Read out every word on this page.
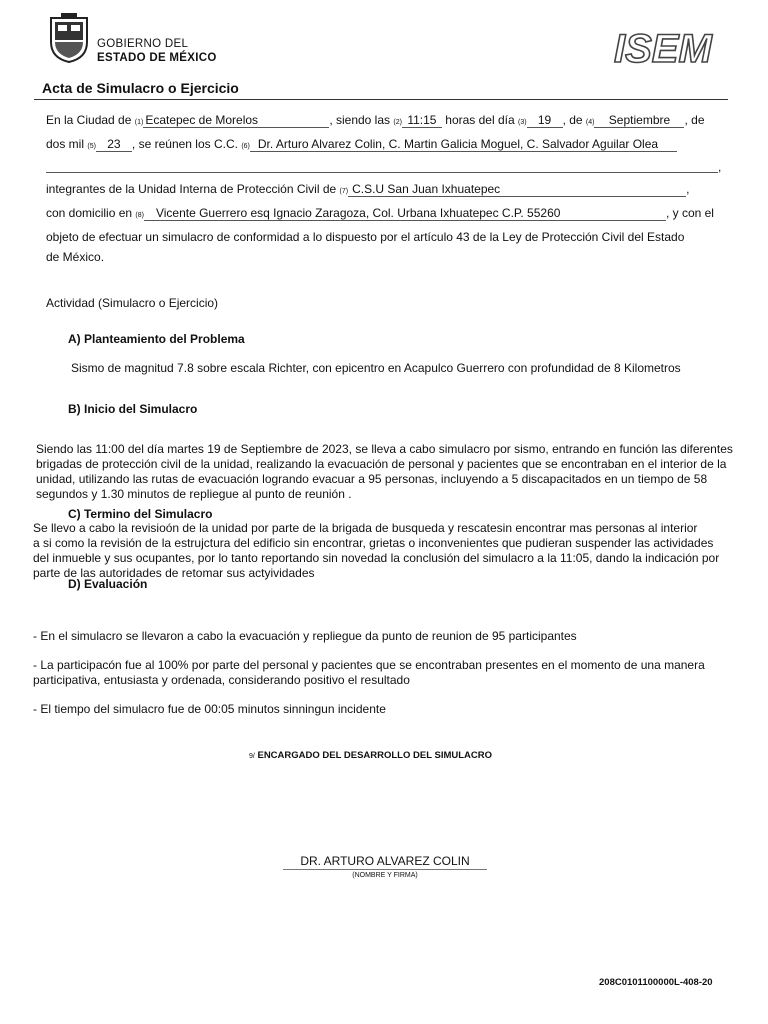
GOBIERNO DEL
ESTADO DE MÉXICO	ISEM
Acta de Simulacro o Ejercicio
En la Ciudad de (1) Ecatepec de Morelos	, siendo las (2) 11:15 horas del día (3) 19 , de (4) Septiembre , de
dos mil (5) 23 , se reúnen los C.C. (6) Dr. Arturo Alvarez Colin, C. Martin Galicia Moguel, C. Salvador Aguilar Olea
,
integrantes de la Unidad Interna de Protección Civil de (7) C.S.U San Juan Ixhuatepec	,
con domicilio en (8) Vicente Guerrero esq Ignacio Zaragoza, Col. Urbana Ixhuatepec C.P. 55260	, y con el
objeto de efectuar un simulacro de conformidad a lo dispuesto por el artículo 43 de la Ley de Protección Civil del Estado
de México.
Actividad (Simulacro o Ejercicio)
A) Planteamiento del Problema
Sismo de magnitud 7.8 sobre escala Richter, con epicentro en Acapulco Guerrero con profundidad de 8 Kilometros
B) Inicio del Simulacro
Siendo las 11:00 del día martes 19 de Septiembre de 2023, se lleva a cabo simulacro por sismo, entrando en función las diferentes
brigadas de protección civil de la unidad, realizando la evacuación de personal y pacientes que se encontraban en el interior de la
unidad, utilizando las rutas de evacuación logrando evacuar a 95 personas, incluyendo a 5 discapacitados en un tiempo de 58
segundos y 1.30 minutos de repliegue al punto de reunión .
C) Termino del Simulacro
Se llevo a cabo la revisioón de la unidad por parte de la brigada de busqueda y rescatesin encontrar mas personas al interior
a si como la revisión de la estrujctura del edificio sin encontrar, grietas o inconvenientes que pudieran suspender las actividades
del inmueble y sus ocupantes, por lo tanto reportando sin novedad la conclusión del simulacro a la 11:05, dando la indicación por
parte de las autoridades de retomar sus actyividades
D) Evaluación
- En el simulacro se llevaron a cabo la evacuación y repliegue da punto de reunion de 95 participantes
- La participacón fue al 100% por parte del personal y pacientes que se encontraban presentes en el momento de una manera
participativa, entusiasta y ordenada, considerando positivo el resultado
- El tiempo del simulacro fue de 00:05 minutos sinningun incidente
9/ ENCARGADO DEL DESARROLLO DEL SIMULACRO
DR. ARTURO ALVAREZ COLIN
(NOMBRE Y FIRMA)
208C0101100000L-408-20
